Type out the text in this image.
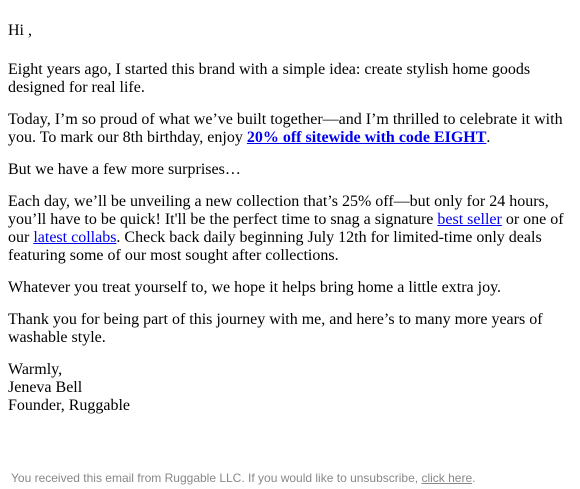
Hi ,

Eight years ago, I started this brand with a simple idea: create stylish home goods designed for real life.

Today, I’m so proud of what we’ve built together—and I’m thrilled to celebrate it with you. To mark our 8th birthday, enjoy 20% off sitewide with code EIGHT.

But we have a few more surprises…

Each day, we’ll be unveiling a new collection that’s 25% off—but only for 24 hours, you’ll have to be quick! It'll be the perfect time to snag a signature best seller or one of our latest collabs. Check back daily beginning July 12th for limited-time only deals featuring some of our most sought after collections.

Whatever you treat yourself to, we hope it helps bring home a little extra joy.

Thank you for being part of this journey with me, and here’s to many more years of washable style.

Warmly,
Jeneva Bell
Founder, Ruggable

You received this email from Ruggable LLC. If you would like to unsubscribe, click here.
